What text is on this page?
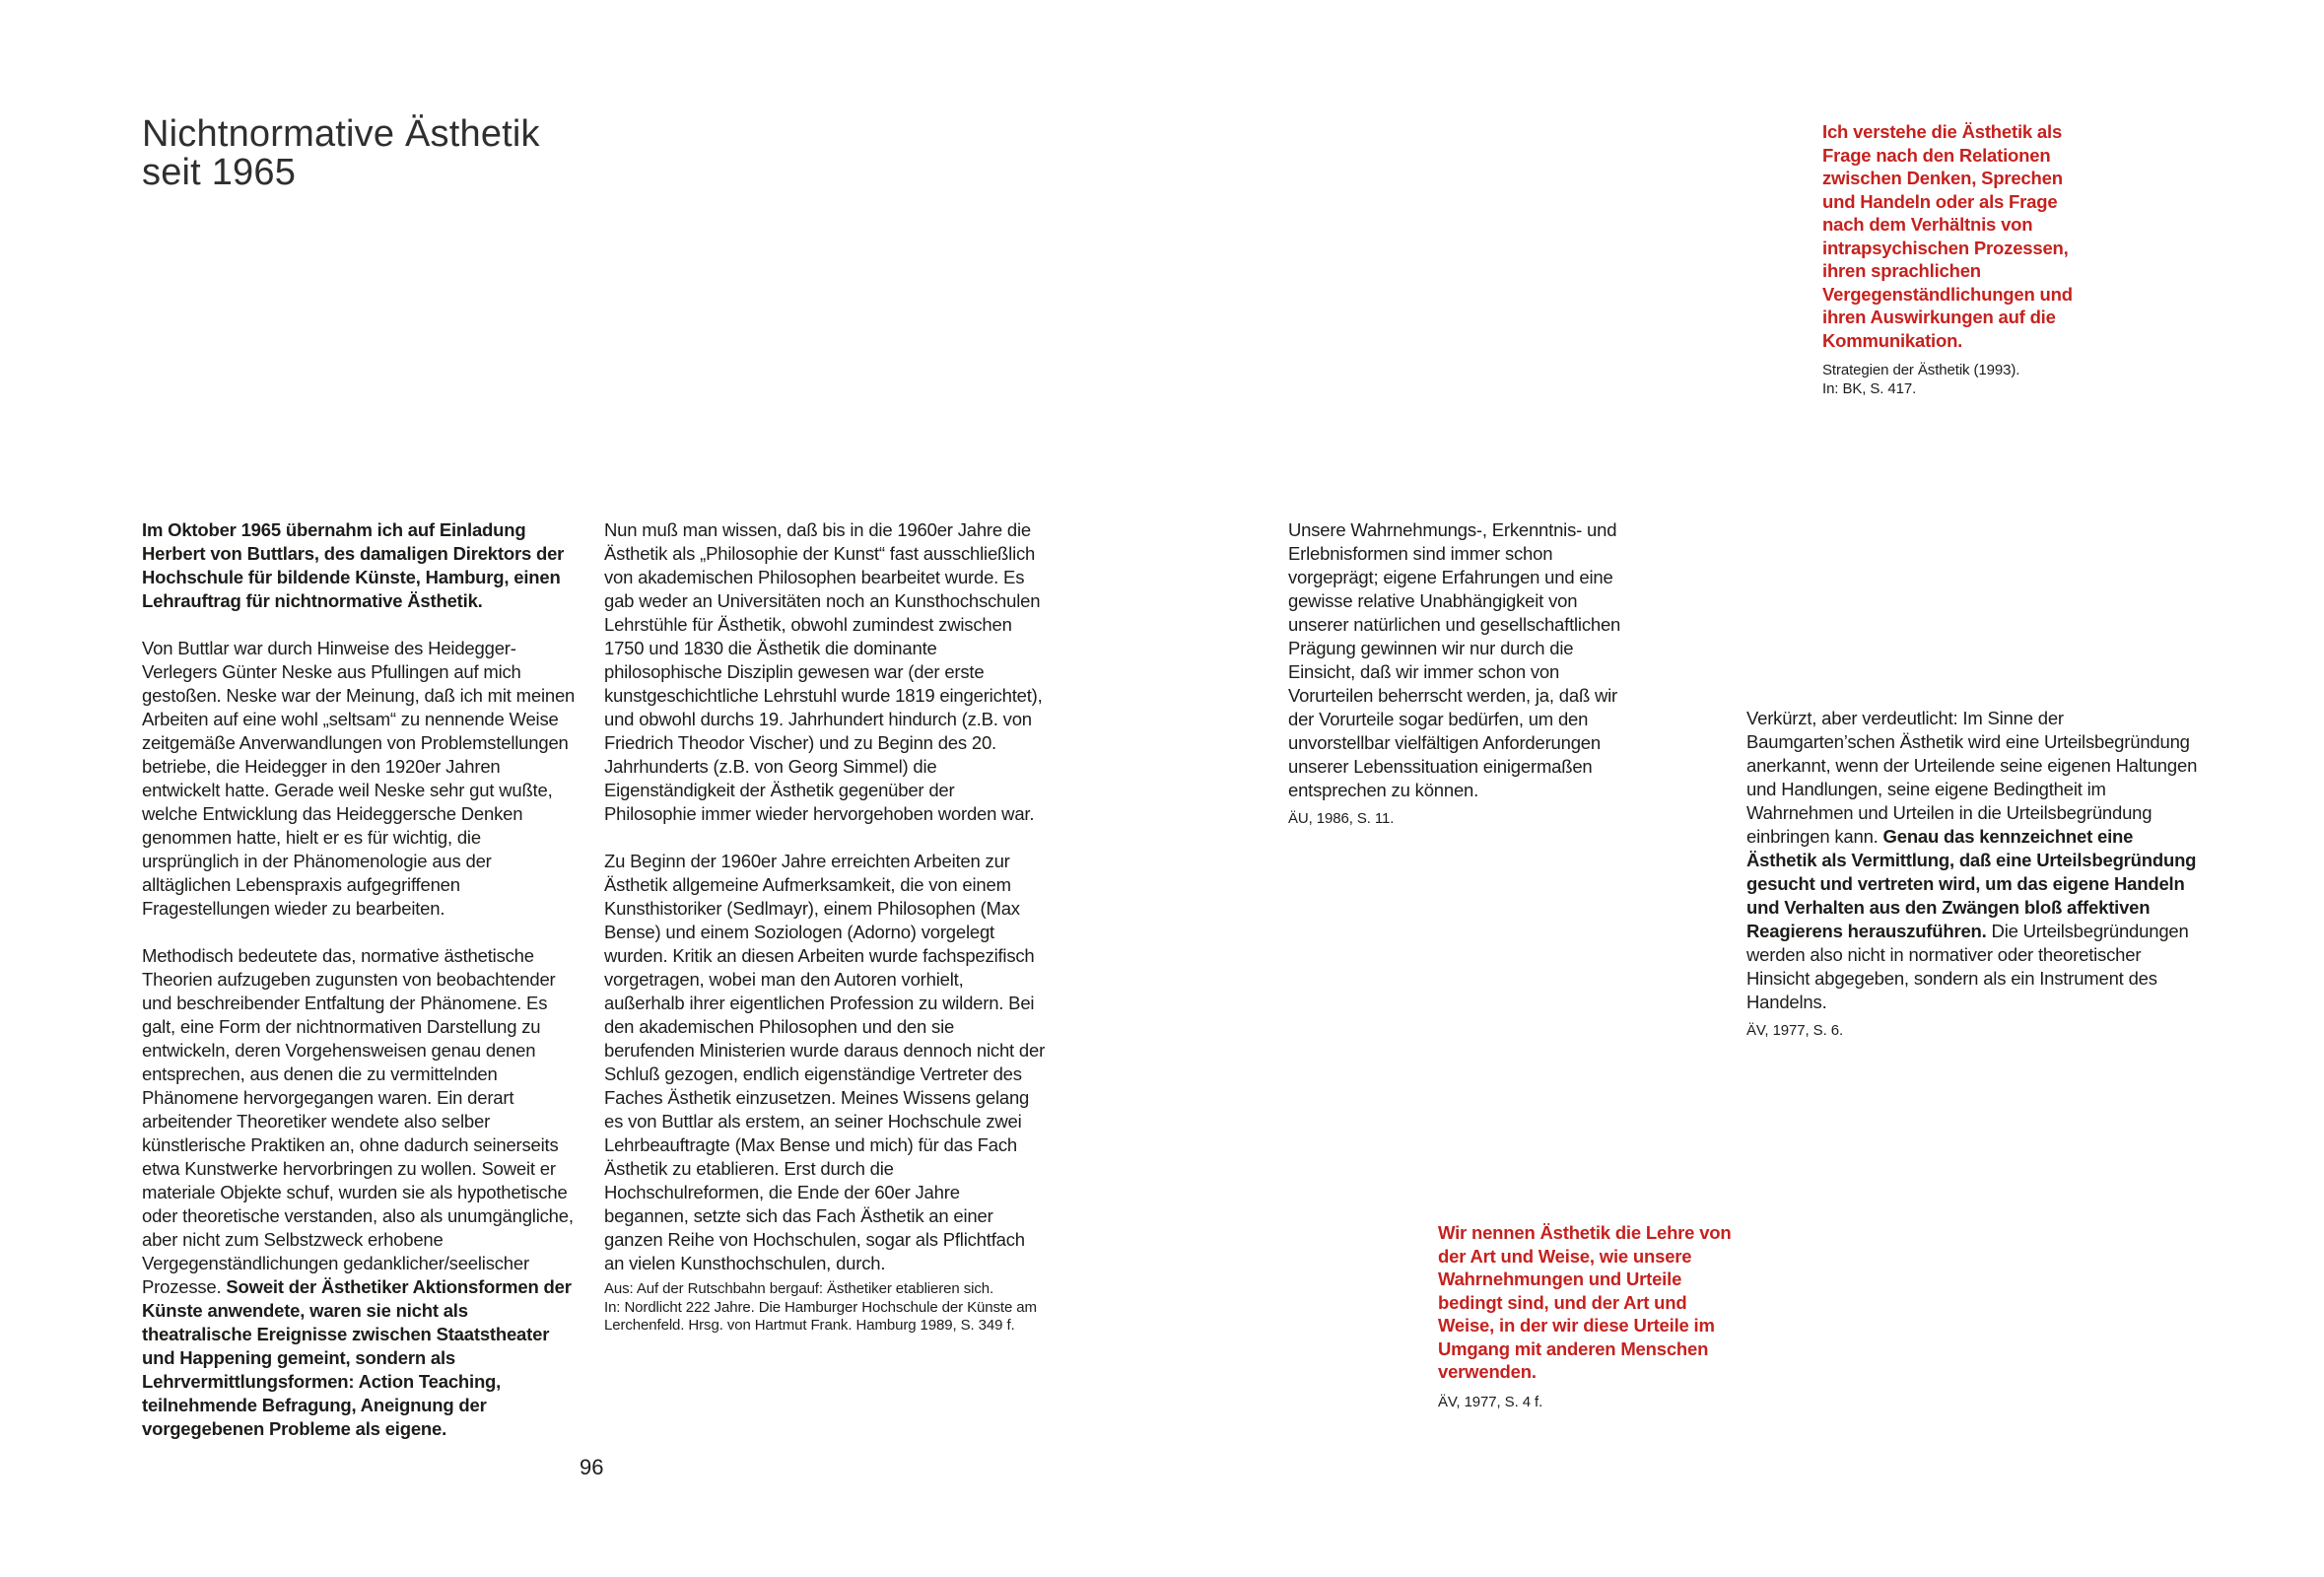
Nichtnormative Ästhetik
seit 1965
Ich verstehe die Ästhetik als Frage nach den Relationen zwischen Denken, Sprechen und Handeln oder als Frage nach dem Verhältnis von intrapsychischen Prozessen, ihren sprachlichen Vergegenständlichungen und ihren Auswirkungen auf die Kommunikation.
Strategien der Ästhetik (1993).
In: BK, S. 417.

Im Oktober 1965 übernahm ich auf Einladung Herbert von Buttlars, des damaligen Direktors der Hochschule für bildende Künste, Hamburg, einen Lehrauftrag für nichtnormative Ästhetik.

Von Buttlar war durch Hinweise des Heidegger-Verlegers Günter Neske aus Pfullingen auf mich gestoßen. Neske war der Meinung, daß ich mit meinen Arbeiten auf eine wohl „seltsam“ zu nennende Weise zeitgemäße Anverwandlungen von Problemstellungen betriebe, die Heidegger in den 1920er Jahren entwickelt hatte. Gerade weil Neske sehr gut wußte, welche Entwicklung das Heideggersche Denken genommen hatte, hielt er es für wichtig, die ursprünglich in der Phänomenologie aus der alltäglichen Lebenspraxis aufgegriffenen Fragestellungen wieder zu bearbeiten.

Methodisch bedeutete das, normative ästhetische Theorien aufzugeben zugunsten von beobachtender und beschreibender Entfaltung der Phänomene. Es galt, eine Form der nichtnormativen Darstellung zu entwickeln, deren Vorgehensweisen genau denen entsprechen, aus denen die zu vermittelnden Phänomene hervorgegangen waren. Ein derart arbeitender Theoretiker wendete also selber künstlerische Praktiken an, ohne dadurch seinerseits etwa Kunstwerke hervorbringen zu wollen. Soweit er materiale Objekte schuf, wurden sie als hypothetische oder theoretische verstanden, also als unumgängliche, aber nicht zum Selbstzweck erhobene Vergegenständlichungen gedanklicher/seelischer Prozesse. Soweit der Ästhetiker Aktionsformen der Künste anwendete, waren sie nicht als theatralische Ereignisse zwischen Staatstheater und Happening gemeint, sondern als Lehrvermittlungsformen: Action Teaching, teilnehmende Befragung, Aneignung der vorgegebenen Probleme als eigene.

Nun muß man wissen, daß bis in die 1960er Jahre die Ästhetik als „Philosophie der Kunst“ fast ausschließlich von akademischen Philosophen bearbeitet wurde. Es gab weder an Universitäten noch an Kunsthochschulen Lehrstühle für Ästhetik, obwohl zumindest zwischen 1750 und 1830 die Ästhetik die dominante philosophische Disziplin gewesen war (der erste kunstgeschichtliche Lehrstuhl wurde 1819 eingerichtet), und obwohl durchs 19. Jahrhundert hindurch (z.B. von Friedrich Theodor Vischer) und zu Beginn des 20. Jahrhunderts (z.B. von Georg Simmel) die Eigenständigkeit der Ästhetik gegenüber der Philosophie immer wieder hervorgehoben worden war.

Zu Beginn der 1960er Jahre erreichten Arbeiten zur Ästhetik allgemeine Aufmerksamkeit, die von einem Kunsthistoriker (Sedlmayr), einem Philosophen (Max Bense) und einem Soziologen (Adorno) vorgelegt wurden. Kritik an diesen Arbeiten wurde fachspezifisch vorgetragen, wobei man den Autoren vorhielt, außerhalb ihrer eigentlichen Profession zu wildern. Bei den akademischen Philosophen und den sie berufenden Ministerien wurde daraus dennoch nicht der Schluß gezogen, endlich eigenständige Vertreter des Faches Ästhetik einzusetzen. Meines Wissens gelang es von Buttlar als erstem, an seiner Hochschule zwei Lehrbeauftragte (Max Bense und mich) für das Fach Ästhetik zu etablieren. Erst durch die Hochschulreformen, die Ende der 60er Jahre begannen, setzte sich das Fach Ästhetik an einer ganzen Reihe von Hochschulen, sogar als Pflichtfach an vielen Kunsthochschulen, durch.

Aus: Auf der Rutschbahn bergauf: Ästhetiker etablieren sich.
In: Nordlicht 222 Jahre. Die Hamburger Hochschule der Künste am
Lerchenfeld. Hrsg. von Hartmut Frank. Hamburg 1989, S. 349 f.

Unsere Wahrnehmungs-, Erkenntnis- und Erlebnisformen sind immer schon vorgeprägt; eigene Erfahrungen und eine gewisse relative Unabhängigkeit von unserer natürlichen und gesellschaftlichen Prägung gewinnen wir nur durch die Einsicht, daß wir immer schon von Vorurteilen beherrscht werden, ja, daß wir der Vorurteile sogar bedürfen, um den unvorstellbar vielfältigen Anforderungen unserer Lebenssituation einigermaßen entsprechen zu können.

ÄU, 1986, S. 11.

Verkürzt, aber verdeutlicht: Im Sinne der Baumgarten’schen Ästhetik wird eine Urteilsbegründung anerkannt, wenn der Urteilende seine eigenen Haltungen und Handlungen, seine eigene Bedingtheit im Wahrnehmen und Urteilen in die Urteilsbegründung einbringen kann. Genau das kennzeichnet eine Ästhetik als Vermittlung, daß eine Urteilsbegründung gesucht und vertreten wird, um das eigene Handeln und Verhalten aus den Zwängen bloß affektiven Reagierens herauszuführen. Die Urteilsbegründungen werden also nicht in normativer oder theoretischer Hinsicht abgegeben, sondern als ein Instrument des Handelns.

ÄV, 1977, S. 6.
Wir nennen Ästhetik die Lehre von der Art und Weise, wie unsere Wahrnehmungen und Urteile bedingt sind, und der Art und Weise, in der wir diese Urteile im Umgang mit anderen Menschen verwenden.
ÄV, 1977, S. 4 f.
96
